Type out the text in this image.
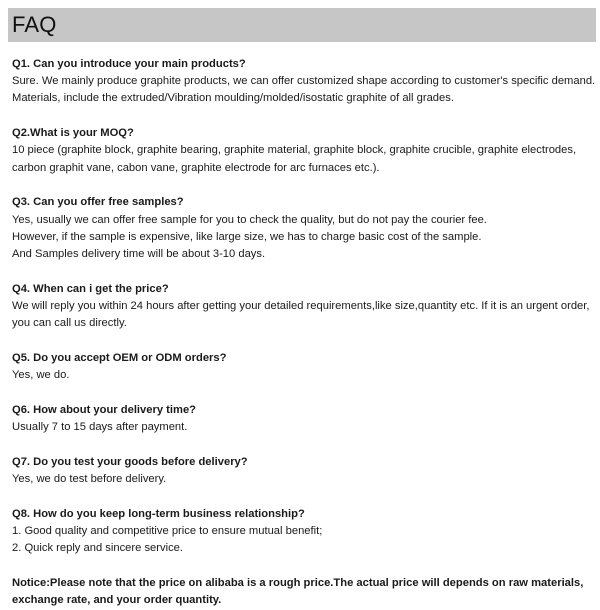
FAQ
Q1. Can you introduce your main products?
Sure. We mainly produce graphite products, we can offer customized shape according to customer's specific demand.
Materials, include the extruded/Vibration moulding/molded/isostatic graphite of all grades.
Q2.What is your MOQ?
10 piece (graphite block, graphite bearing, graphite material, graphite block, graphite crucible, graphite electrodes,
carbon graphit vane, cabon vane, graphite electrode for arc furnaces etc.).
Q3. Can you offer free samples?
Yes, usually we can offer free sample for you to check the quality, but do not pay the courier fee.
However, if the sample is expensive, like large size, we has to charge basic cost of the sample.
And Samples delivery time will be about 3-10 days.
Q4. When can i get the price?
We will reply you within 24 hours after getting your detailed requirements,like size,quantity etc. If it is an urgent order,
you can call us directly.
Q5. Do you accept OEM or ODM orders?
Yes, we do.
Q6. How about your delivery time?
Usually 7 to 15 days after payment.
Q7. Do you test your goods before delivery?
Yes, we do test before delivery.
Q8. How do you keep long-term business relationship?
1. Good quality and competitive price to ensure mutual benefit;
2. Quick reply and sincere service.
Notice:Please note that the price on alibaba is a rough price.The actual price will depends on raw materials,
exchange rate, and your order quantity.
